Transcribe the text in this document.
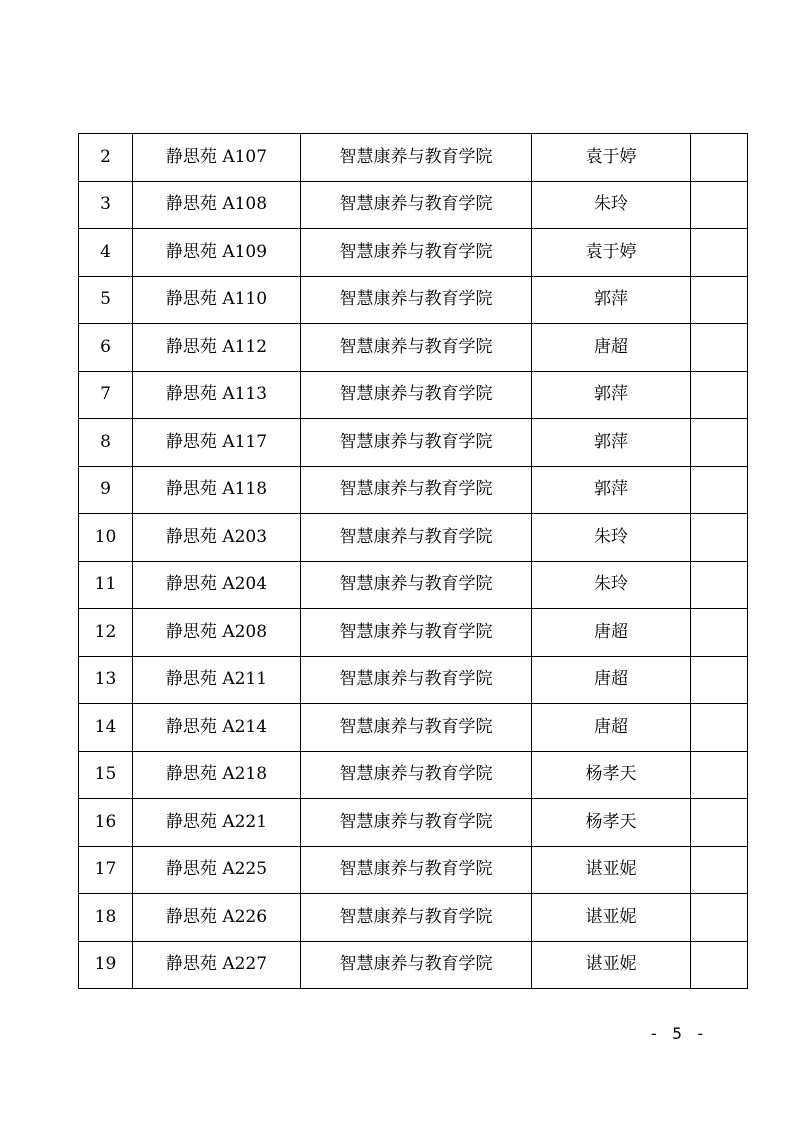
2	静思苑 A107	智慧康养与教育学院	袁于婷	
3	静思苑 A108	智慧康养与教育学院	朱玲	
4	静思苑 A109	智慧康养与教育学院	袁于婷	
5	静思苑 A110	智慧康养与教育学院	郭萍	
6	静思苑 A112	智慧康养与教育学院	唐超	
7	静思苑 A113	智慧康养与教育学院	郭萍	
8	静思苑 A117	智慧康养与教育学院	郭萍	
9	静思苑 A118	智慧康养与教育学院	郭萍	
10	静思苑 A203	智慧康养与教育学院	朱玲	
11	静思苑 A204	智慧康养与教育学院	朱玲	
12	静思苑 A208	智慧康养与教育学院	唐超	
13	静思苑 A211	智慧康养与教育学院	唐超	
14	静思苑 A214	智慧康养与教育学院	唐超	
15	静思苑 A218	智慧康养与教育学院	杨孝天	
16	静思苑 A221	智慧康养与教育学院	杨孝天	
17	静思苑 A225	智慧康养与教育学院	谌亚妮	
18	静思苑 A226	智慧康养与教育学院	谌亚妮	
19	静思苑 A227	智慧康养与教育学院	谌亚妮	
- 5 -
